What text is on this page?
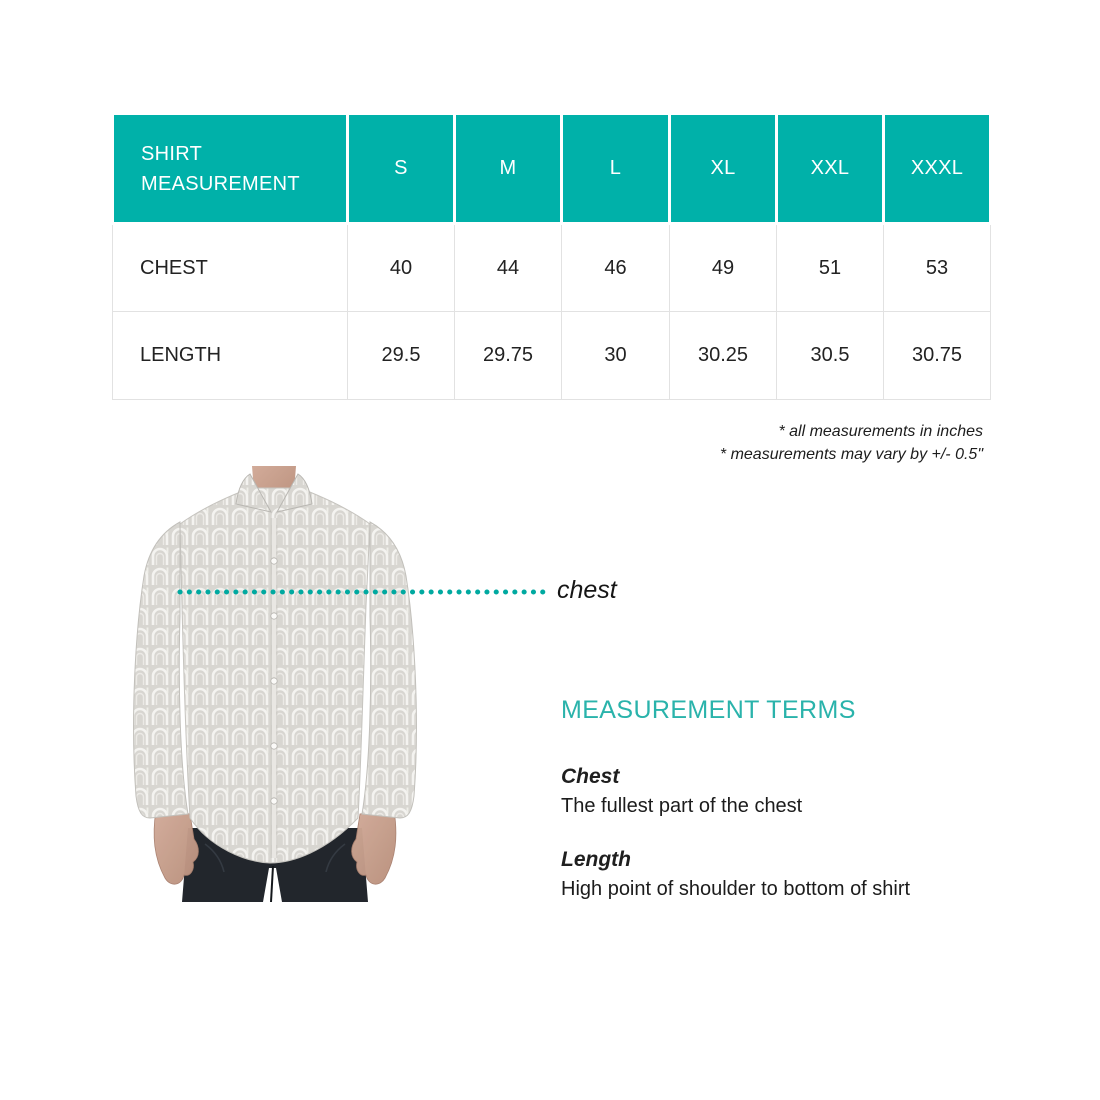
SHIRT MEASUREMENT	S	M	L	XL	XXL	XXXL
CHEST	40	44	46	49	51	53
LENGTH	29.5	29.75	30	30.25	30.5	30.75
* all measurements in inches
* measurements may vary by +/- 0.5"
chest
MEASUREMENT TERMS
Chest
The fullest part of the chest
Length
High point of shoulder to bottom of shirt
